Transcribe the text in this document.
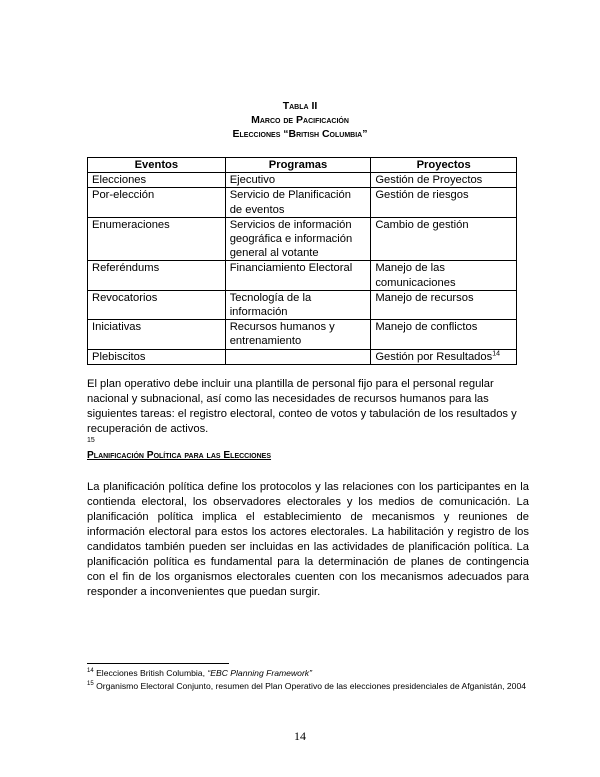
Tabla II
Marco de Pacificación
Elecciones “British Columbia”
Eventos	Programas	Proyectos
Elecciones	Ejecutivo	Gestión de Proyectos
Por-elección	Servicio de Planificación de eventos	Gestión de riesgos
Enumeraciones	Servicios de información geográfica e información general al votante	Cambio de gestión
Referéndums	Financiamiento Electoral	Manejo de las comunicaciones
Revocatorios	Tecnología de la información	Manejo de recursos
Iniciativas	Recursos humanos y entrenamiento	Manejo de conflictos
Plebiscitos		Gestión por Resultados$^{14}$

El plan operativo debe incluir una plantilla de personal fijo para el personal regular nacional y subnacional, así como las necesidades de recursos humanos para las siguientes tareas: el registro electoral, conteo de votos y tabulación de los resultados y recuperación de activos.
15

Planificación Política para las Elecciones

La planificación política define los protocolos y las relaciones con los participantes en la contienda electoral, los observadores electorales y los medios de comunicación. La planificación política implica el establecimiento de mecanismos y reuniones de información electoral para estos los actores electorales. La habilitación y registro de los candidatos también pueden ser incluidas en las actividades de planificación política. La planificación política es fundamental para la determinación de planes de contingencia con el fin de los organismos electorales cuenten con los mecanismos adecuados para responder a inconvenientes que puedan surgir.

$^{14}$ Elecciones British Columbia, “EBC Planning Framework”

$^{15}$ Organismo Electoral Conjunto, resumen del Plan Operativo de las elecciones presidenciales de Afganistán, 2004

14
